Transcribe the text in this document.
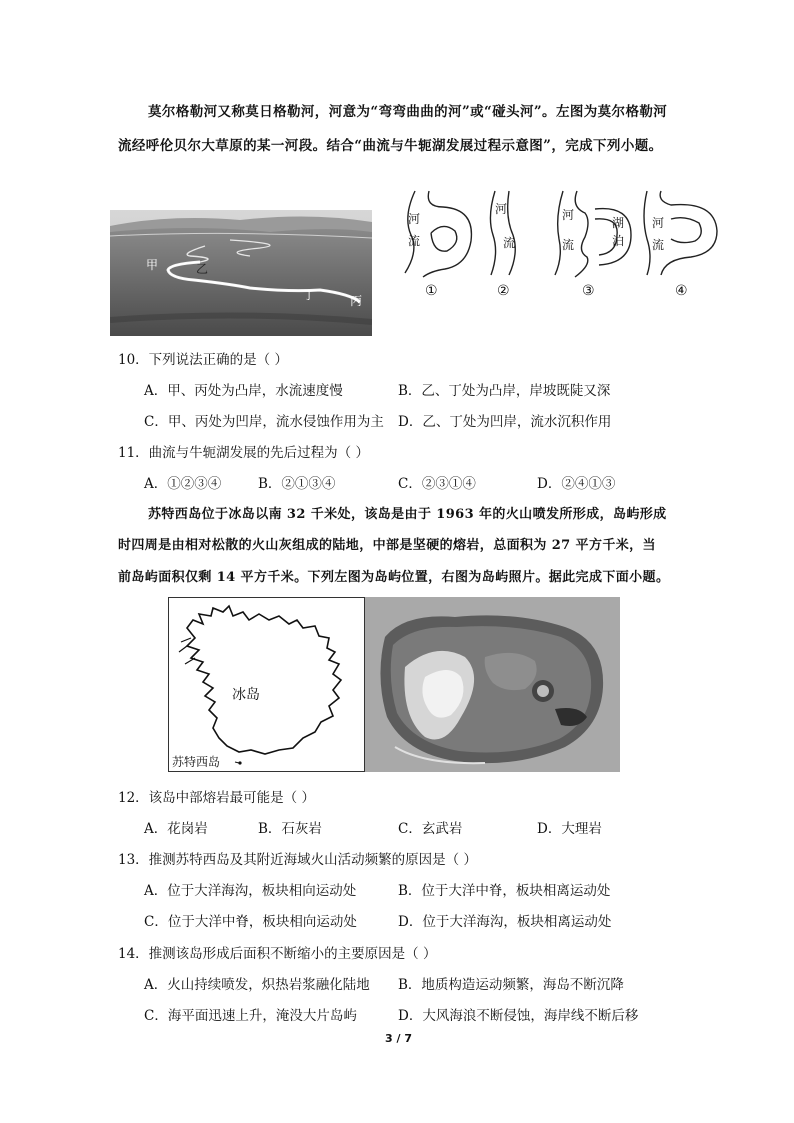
莫尔格勒河又称莫日格勒河，河意为“弯弯曲曲的河”或“碰头河”。左图为莫尔格勒河
流经呼伦贝尔大草原的某一河段。结合“曲流与牛轭湖发展过程示意图”，完成下列小题。
甲	乙
丁	丙
河
流
河
流
河
流
湖
泊
河
流
①	②	③	④
10．下列说法正确的是（ ）
A．甲、丙处为凸岸，水流速度慢	B．乙、丁处为凸岸，岸坡既陡又深
C．甲、丙处为凹岸，流水侵蚀作用为主 D．乙、丁处为凹岸，流水沉积作用
11．曲流与牛轭湖发展的先后过程为（ ）
A．①②③④	B．②①③④	C．②③①④	D．②④①③
苏特西岛位于冰岛以南 32 千米处，该岛是由于 1963 年的火山喷发所形成，岛屿形成
时四周是由相对松散的火山灰组成的陆地，中部是坚硬的熔岩，总面积为 27 平方千米，当
前岛屿面积仅剩 14 平方千米。下列左图为岛屿位置，右图为岛屿照片。据此完成下面小题。
冰岛
苏特西岛
12．该岛中部熔岩最可能是（ ）
A．花岗岩	B．石灰岩	C．玄武岩	D．大理岩
13．推测苏特西岛及其附近海域火山活动频繁的原因是（ ）
A．位于大洋海沟，板块相向运动处	B．位于大洋中脊，板块相离运动处
C．位于大洋中脊，板块相向运动处	D．位于大洋海沟，板块相离运动处
14．推测该岛形成后面积不断缩小的主要原因是（ ）
A．火山持续喷发，炽热岩浆融化陆地 B．地质构造运动频繁，海岛不断沉降
C．海平面迅速上升，淹没大片岛屿	D．大风海浪不断侵蚀，海岸线不断后移
3 / 7
